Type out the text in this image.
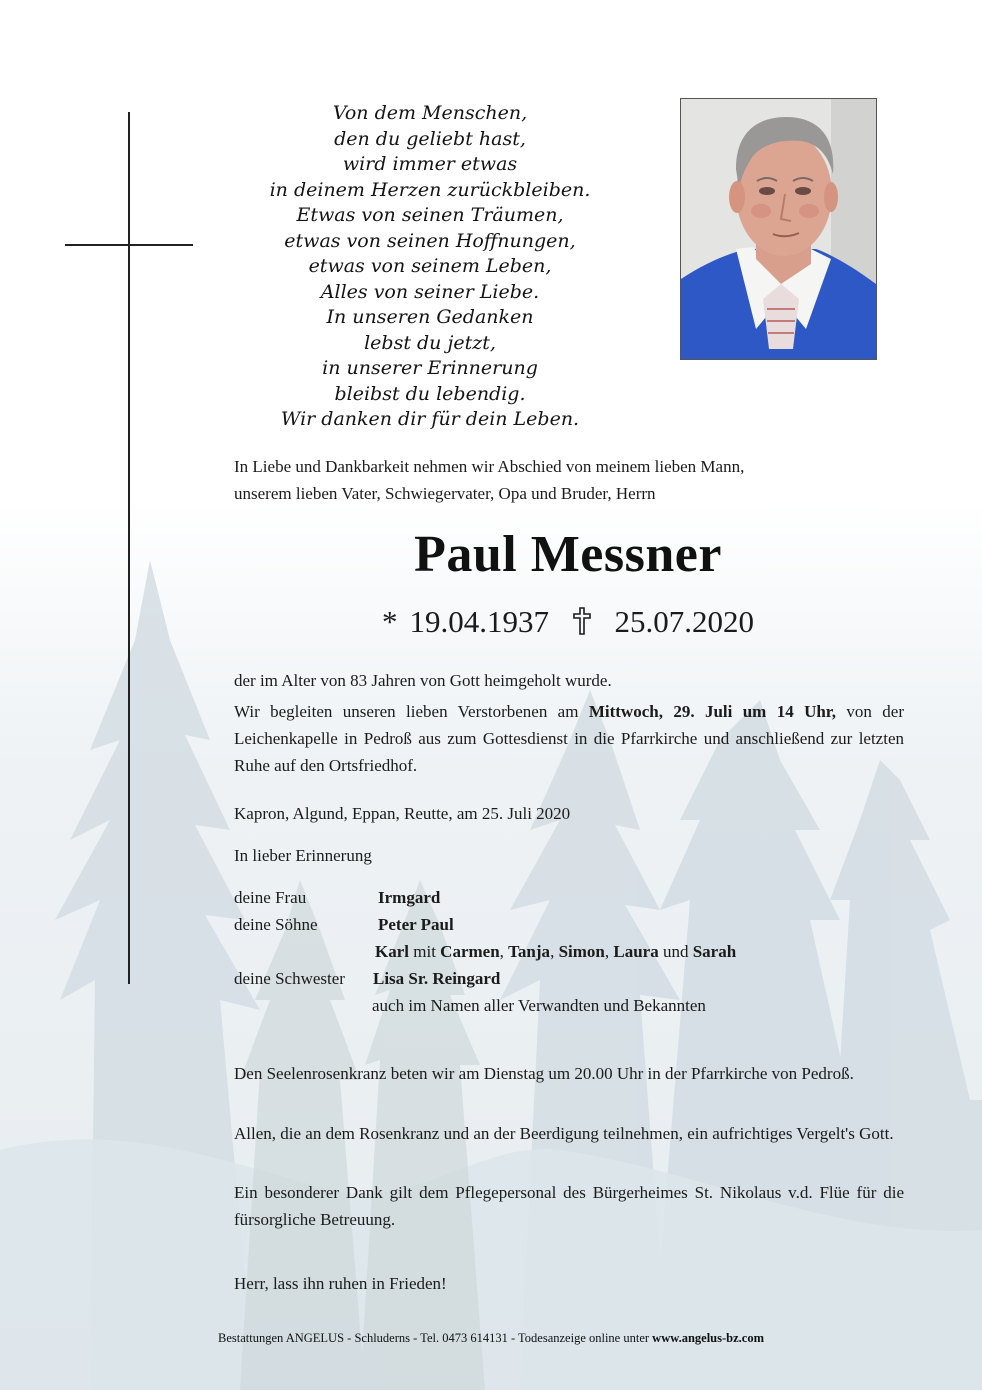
Von dem Menschen,
den du geliebt hast,
wird immer etwas
in deinem Herzen zurückbleiben.
Etwas von seinen Träumen,
etwas von seinen Hoffnungen,
etwas von seinem Leben,
Alles von seiner Liebe.
In unseren Gedanken
lebst du jetzt,
in unserer Erinnerung
bleibst du lebendig.
Wir danken dir für dein Leben.
In Liebe und Dankbarkeit nehmen wir Abschied von meinem lieben Mann,
unserem lieben Vater, Schwiegervater, Opa und Bruder, Herrn
Paul Messner
* 19.04.1937 25.07.2020
der im Alter von 83 Jahren von Gott heimgeholt wurde.
Wir begleiten unseren lieben Verstorbenen am Mittwoch, 29. Juli um 14 Uhr, von der Leichenkapelle in Pedroß aus zum Gottesdienst in die Pfarrkirche und anschließend zur letzten Ruhe auf den Ortsfriedhof.
Kapron, Algund, Eppan, Reutte, am 25. Juli 2020
In lieber Erinnerung
deine Frau	Irmgard
deine Söhne	Peter Paul
Karl mit Carmen, Tanja, Simon, Laura und Sarah
deine Schwester Lisa Sr. Reingard
auch im Namen aller Verwandten und Bekannten
Den Seelenrosenkranz beten wir am Dienstag um 20.00 Uhr in der Pfarrkirche von Pedroß.
Allen, die an dem Rosenkranz und an der Beerdigung teilnehmen, ein aufrichtiges Vergelt's Gott.
Ein besonderer Dank gilt dem Pflegepersonal des Bürgerheimes St. Nikolaus v.d. Flüe für die fürsorgliche Betreuung.
Herr, lass ihn ruhen in Frieden!
Bestattungen ANGELUS - Schluderns - Tel. 0473 614131 - Todesanzeige online unter www.angelus-bz.com
